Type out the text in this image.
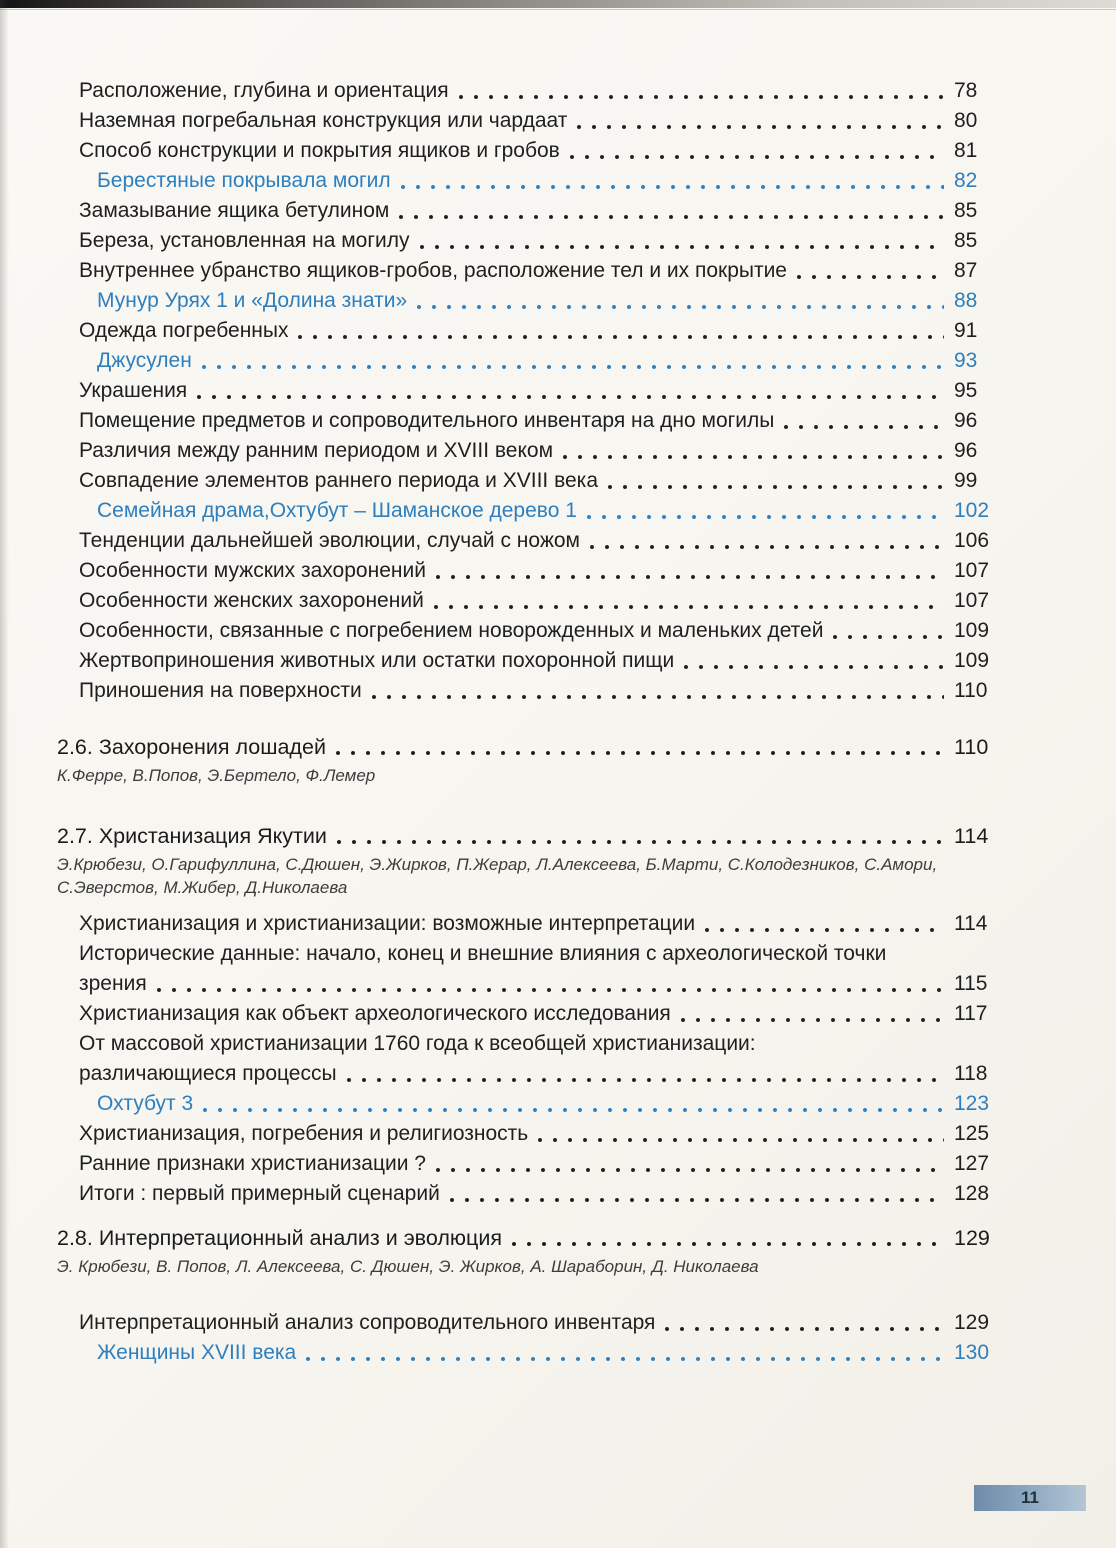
Расположение, глубина и ориентация	78
Наземная погребальная конструкция или чардаат	80
Способ конструкции и покрытия ящиков и гробов	81
Берестяные покрывала могил	82
Замазывание ящика бетулином	85
Береза, установленная на могилу	85
Внутреннее убранство ящиков-гробов, расположение тел и их покрытие	87
Мунур Урях 1 и «Долина знати»	88
Одежда погребенных	91
Джусулен	93
Украшения	95
Помещение предметов и сопроводительного инвентаря на дно могилы	96
Различия между ранним периодом и XVIII веком	96
Совпадение элементов раннего периода и XVIII века	99
Семейная драма,Охтубут – Шаманское дерево 1	102
Тенденции дальнейшей эволюции, случай с ножом	106
Особенности мужских захоронений	107
Особенности женских захоронений	107
Особенности, связанные с погребением новорожденных и маленьких детей	109
Жертвоприношения животных или остатки похоронной пищи	109
Приношения на поверхности	110
2.6. Захоронения лошадей	110
К.Ферре, В.Попов, Э.Бертело, Ф.Лемер
2.7. Христанизация Якутии	114
Э.Крюбези, О.Гарифуллина, С.Дюшен, Э.Жирков, П.Жерар, Л.Алексеева, Б.Марти, С.Колодезников, С.Амори, С.Эверстов, М.Жибер, Д.Николаева
Христианизация и христианизации: возможные интерпретации	114
Исторические данные: начало, конец и внешние влияния с археологической точки
зрения	115
Христианизация как объект археологического исследования	117
От массовой христианизации 1760 года к всеобщей христианизации:
различающиеся процессы	118
Охтубут 3	123
Христианизация, погребения и религиозность	125
Ранние признаки христианизации ?	127
Итоги : первый примерный сценарий	128
2.8. Интерпретационный анализ и эволюция	129
Э. Крюбези, В. Попов, Л. Алексеева, С. Дюшен, Э. Жирков, А. Шараборин, Д. Николаева
Интерпретационный анализ сопроводительного инвентаря	129
Женщины XVIII века	130
11
